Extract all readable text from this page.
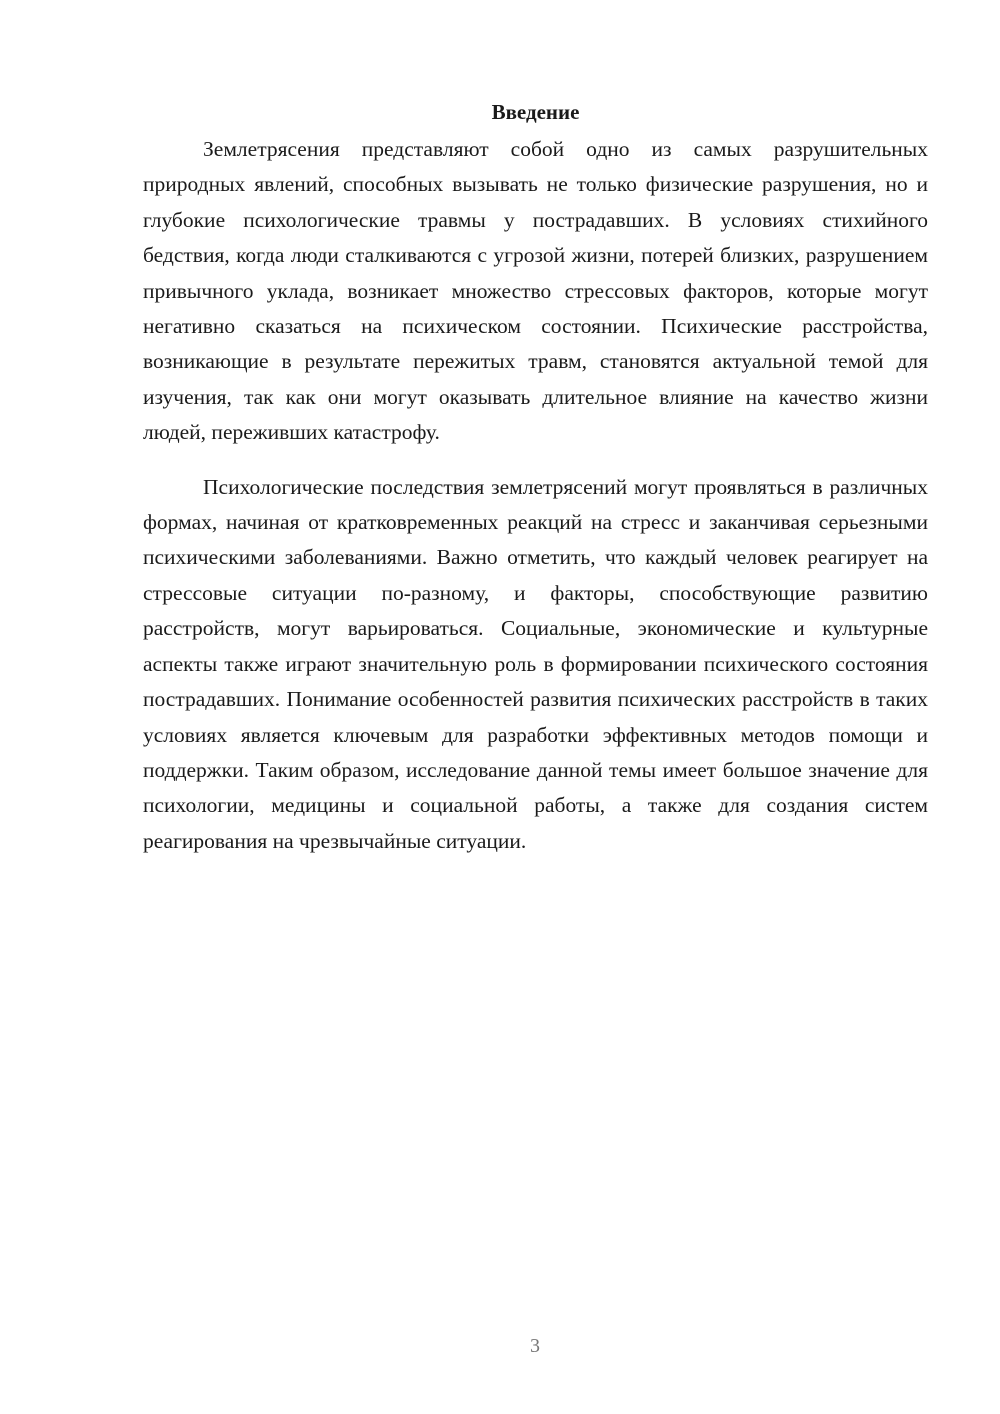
Введение

Землетрясения представляют собой одно из самых разрушительных природных явлений, способных вызывать не только физические разрушения, но и глубокие психологические травмы у пострадавших. В условиях стихийного бедствия, когда люди сталкиваются с угрозой жизни, потерей близких, разрушением привычного уклада, возникает множество стрессовых факторов, которые могут негативно сказаться на психическом состоянии. Психические расстройства, возникающие в результате пережитых травм, становятся актуальной темой для изучения, так как они могут оказывать длительное влияние на качество жизни людей, переживших катастрофу.

Психологические последствия землетрясений могут проявляться в различных формах, начиная от кратковременных реакций на стресс и заканчивая серьезными психическими заболеваниями. Важно отметить, что каждый человек реагирует на стрессовые ситуации по-разному, и факторы, способствующие развитию расстройств, могут варьироваться. Социальные, экономические и культурные аспекты также играют значительную роль в формировании психического состояния пострадавших. Понимание особенностей развития психических расстройств в таких условиях является ключевым для разработки эффективных методов помощи и поддержки. Таким образом, исследование данной темы имеет большое значение для психологии, медицины и социальной работы, а также для создания систем реагирования на чрезвычайные ситуации.

3
